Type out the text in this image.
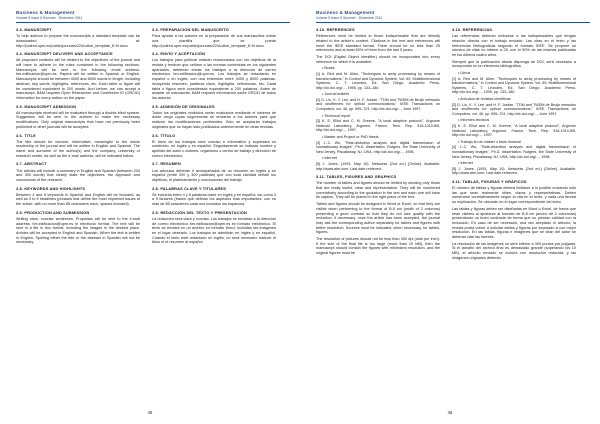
Business & Management
Volume 5 Issue 5 Summer · Diciembre 2011
3.3. MANUSCRIPT

To help authors to prepare the manuscripts a standard template can be downloaded at: http://polired.upm.es/public/journals/22/Author_template_B M.docx

3.4. MANUSCRIPT DELIVERY AND ACCEPTANCE

All proposed contents will be related to the objectives of the journal and will have to adhere to the rules contained in the following sections. Manuscripts will be sent to the following email address: bm.edificacion@upm.es. Papers will be written in Spanish or English. Manuscripts should be between 4000 and 8000 words in length, including abstract, key words, highlights, references, etc. Each table or figure will be considered equivalent to 200 words. And before, we can accept a manuscript, B&M requires Open Researcher and Contributor ID (ORCID) information for every author on the paper.

3.5. MANUSCRIPT ADMISSION

All manuscripts received will be evaluated through a double-blind system. Suggestion will be sent to the authors to make the necessary modifications. Only original manuscripts that have not previously been published in other journals will be accepted.

3.6. TITLE

The title should be concise, informative, meaningful to the whole readership of the journal and will be written in English and Spanish. The name and surname of the author(s) and the company, university or research center, as well as the e-mail address, will be indicated below.

3.7. ABSTRACT

The articles will include a summary in English and Spanish (between 200 and 300 words) that clearly state the objectives, the approach and conclusions of the research.

3.8. KEYWORDS AND HIGHLIGHTS

Between 4 and 6 keywords in Spanish and English will be included, as well as 3 to 5 headlines (phrases that define the most important issues of the article, with no more than 85 characters each, spaces included).

3.9. PRODUCTION AND SUBMISSION

Writing clear, concise sentences. Proposals will be sent to the e-mail address: bm.edificacion@upm.es in electronic format. The text will be sent in a file in doc format, including the images in the desired place. Articles will be accepted in English and Spanish. When the text is written in English, Spelling either the title or the abstract in Spanish will not be necessary.

3.3. PREPARACIÓN DEL MANUSCRITO

Para ayudar a los autores en la preparación de sus manuscritos existe una plantilla que se puede http://polired.upm.es/public/journals/22/Author_template_B M.docx

3.4. ENVÍO Y ACEPTACIÓN

Los trabajos para publicar estarán relacionados con los objetivos de la revista y tendrán que ceñirse a las normas contenidas en los siguientes apartados, debiendo enviar los trabajos a la dirección de correo electrónico bm.edificacion@upm.es. Los trabajos se redactarán en español o en inglés, con una extensión entre 4000 y 8000 palabras, incluyendo resumen, palabras clave, highlights, referencias, etc. Cada tabla o figura será considerada equivalente a 200 palabras. Antes de aceptar un manuscrito, B&M requiere información sobre ORCID de todos los autores.

3.5. ADMISIÓN DE ORIGINALES

Todos los originales recibidos serán evaluados mediante el sistema de doble ciego cuyas sugerencias se enviarán a los autores para que realicen las modificaciones pertinentes. Sólo se aceptarán trabajos originales que no hayan sido publicados anteriormente en otras revistas.

3.6. TÍTULO

El título de los trabajos será conciso e informativo y expresará su contenido, en inglés y en español. Seguidamente se indicará nombre y apellido del autor o autores, organismo o centro de trabajo y dirección de correo electrónico.

3.7. RESUMEN

Los artículos deberán ir acompañados de un resumen en inglés y en español (entre 200 y 300 palabras) que con toda claridad señale los objetivos, el planteamiento y conclusiones del trabajo.

3.8. PALABRAS CLAVE Y TITULARES

Se incluirán entre 4 y 6 palabras clave en inglés y en español, así como 3 a 5 titulares (frases que definan los aspectos más importantes, con no más de 85 caracteres cada uno incluidos los espacios).

3.9. REDACCIÓN DEL TEXTO Y PRESENTACIÓN

La redacción será clara y concisa. Los trabajos se enviarán a la dirección de correo electrónico bm.edificacion@upm.es en formato electrónico. El texto se enviará en un archivo en formato Word, incluidas las imágenes en el lugar deseado. Los trabajos se admitirán en inglés y en español. Cuando el texto esté redactado en inglés, no será necesario traducir el título ni el resumen al español.

45
Business & Management
Volume 5 Issue 5 Summer · Diciembre 2011
3.10. REFERENCES

References must be limited to those indispensable that are directly related to the article's content. Citations in the text and references will meet the IEEE standard format. There should be no less than 25 references and at least 50% of them from the last 5 years.

The DOI (Digital Object Identifier) should be incorporated into every reference for which it is available.

• Books

[1] A. Red and M. Allen, "Techniques to array processing by means of transformations," in Control and Dynamic System, Vol. 69, Multidimensional Systems, C. T. Leondes, Ed. San Diego: Academic Press, http://dx.doi.org/..., 1995, pp. 133–180.

• Journal articles

[2] G. Liu, K. Y. Lee, and H. F. Jordan, "TDM and TWDM de Bruijn networks and shufflenets for optical communications," IEEE Transactions on Computers, vol. 46, pp. 695–701, http://dx.doi.org/..., June 1997.

• Technical report

[3] K. E. Elliot and C. M. Greene, "A local adaptive protocol", Argonne National Laboratory, Argonne, France, Tech. Rep. 916-1010-BB, http://dx.doi.org/..., 1997.

• Master and Project or PhD thesis

[4] J.-C. Wu, "Rate-distortion analysis and digital transmission of nonstationary images", Ph.D. dissertation, Rutgers, the State University of New Jersey, Piscataway, NJ, USA, http://dx.doi.org/..., 1998.

• Internet

[5] J. Jones. (1991, May 10). Networks (2nd ed.) [Online]. Available: http://www.atm.com. Last date retrieved.

3.11. TABLES, FIGURES AND GRAPHICS

The number of tables and figures should be limited by sending only those that are really useful, clear and representative. They will be numbered correlatively according to the quotation in the text and each one will have its caption. They will be placed in the right place of the text.

Tables and figures should be designed in Word or Excel, so that they are visible when performing to the format of B.8 cm (width of 2 columns) presenting a good contrast so that they do not lose quality with the reduction. If necessary, once the article has been accepted, the journal may ask the corresponding author separately for tables and figures with better resolution. Sources must be indicated, when necessary, for tables, figures.

The resolution of pictures should not be less than 300 dpi (dots per inch). If the size of the final file is too large (more than 10 MB), then the manuscript should contain the figures with minimized resolution, and the original figures must be

3.10. REFERENCIAS

Las referencias deberán reducirse a las indispensables que tengan relación directa con el trabajo enviado. Las citas en el texto y las referencias bibliográficas seguirán el formato IEEE. Se propone un número de citas no inferior a 25, con el 50% de las mismas publicadas en los últimos cuatro años.

Siempre que la publicación citada disponga de DOI, será necesario a incorporarlo en la referencia bibliográfica.

• Libros

[1] A. Red and M. Allen, "Techniques to array processing by means of transformations," in Control and Dynamic System, Vol. 69, Multidimensional Systems, C. T. Leondes, Ed. San Diego: Academic Press, http://dx.doi.org/..., 1995, pp. 133–180.

• Artículos de revistas científicas

[2] G. Liu, K. Y. Lee, and H. F. Jordan, "TDM and TWDM de Bruijn networks and shufflenets for optical communications," IEEE Transactions on Computers, vol. 46, pp. 695–701, http://dx.doi.org/..., June 1997.

• Informes técnicos

[3] K. E. Elliot and C. M. Greene, "A local adaptive protocol", Argonne National Laboratory, Argonne, France, Tech. Rep. 916-1010-BB, http://dx.doi.org/..., 1997.

• Trabajo fin de máster o tesis doctoral

[4] J.-C. Wu, "Rate-distortion analysis and digital transmission of nonstationary images", Ph.D. dissertation, Rutgers, the State University of New Jersey, Piscataway, NJ, USA, http://dx.doi.org/..., 1998.

• Internet

[5] J. Jones. (1991, May 10). Networks (2nd ed.) [Online]. Available: http://www.atm.com. Last date retrieved.

3.11. TABLAS, FIGURAS Y GRÁFICOS

El número de tablas y figuras deberá limitarse a lo posible enviando solo las que sean realmente útiles, claras y representativas. Deben numerarse correlativamente según la cita en el texto, y cada una tendrá su explicación. Se ubicarán en el lugar correspondiente del texto.

Las tablas y figuras deben ser diseñadas en Word o Excel, de forma que sean visibles al ajustarse al formato de B.8 cm (ancho de 2 columnas) presentando un buen contraste de forma que no pierdan calidad con la reducción. En caso de ser necesario, una vez aceptado el artículo, la revista podrá volver a solicitar tablas y figuras por separado a con mejor resolución. En las tablas, figuras e imágenes que se citan del autor se deberán citar las fuentes.

La resolución de las imágenes no será inferior a 300 puntos por pulgada. Si el tamaño del archivo final es demasiado grande (superando los 10 MB), el artículo enviado se incluirá con resolución reducida, y las imágenes originales deberán

46
